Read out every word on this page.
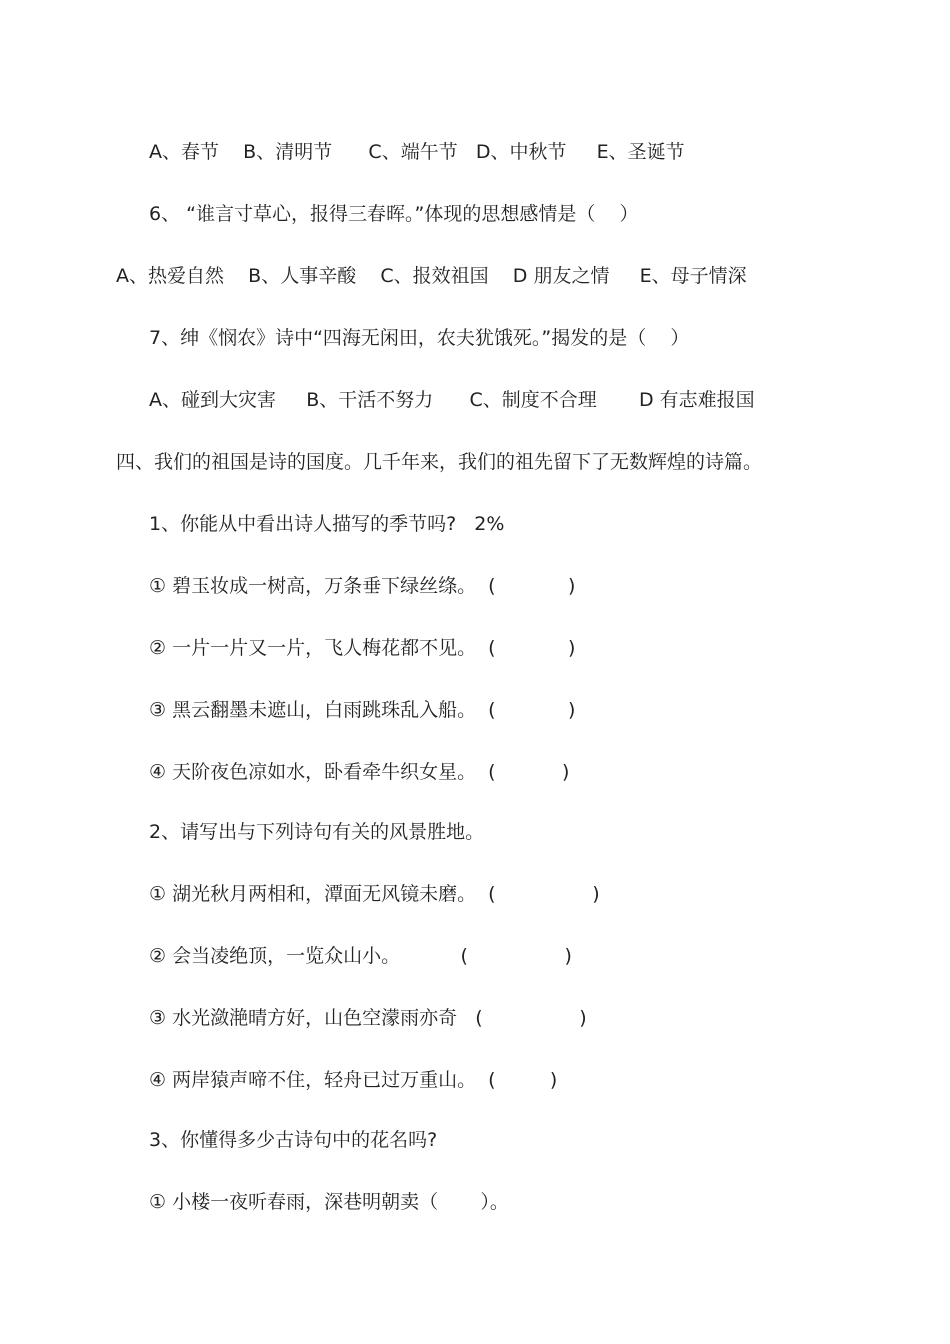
A、春节    B、清明节      C、端午节   D、中秋节     E、圣诞节
6、 “谁言寸草心，报得三春晖。”体现的思想感情是（    ）
A、热爱自然    B、人事辛酸    C、报效祖国    D 朋友之情     E、母子情深
7、绅《悯农》诗中“四海无闲田，农夫犹饿死。”揭发的是（    ）
A、碰到大灾害     B、干活不努力      C、制度不合理       D 有志难报国
四、我们的祖国是诗的国度。几千年来，我们的祖先留下了无数辉煌的诗篇。
1、你能从中看出诗人描写的季节吗?   2%
① 碧玉妆成一树高，万条垂下绿丝绦。  (            )
② 一片一片又一片，飞人梅花都不见。  (            )
③ 黑云翻墨未遮山，白雨跳珠乱入船。  (            )
④ 天阶夜色凉如水，卧看牵牛织女星。  (           )
2、请写出与下列诗句有关的风景胜地。
① 湖光秋月两相和，潭面无风镜未磨。  (                )
② 会当凌绝顶，一览众山小。          (                )
③ 水光潋滟晴方好，山色空濛雨亦奇   (                )
④ 两岸猿声啼不住，轻舟已过万重山。  (         )
3、你懂得多少古诗句中的花名吗?
① 小楼一夜听春雨，深巷明朝卖（       ）。
